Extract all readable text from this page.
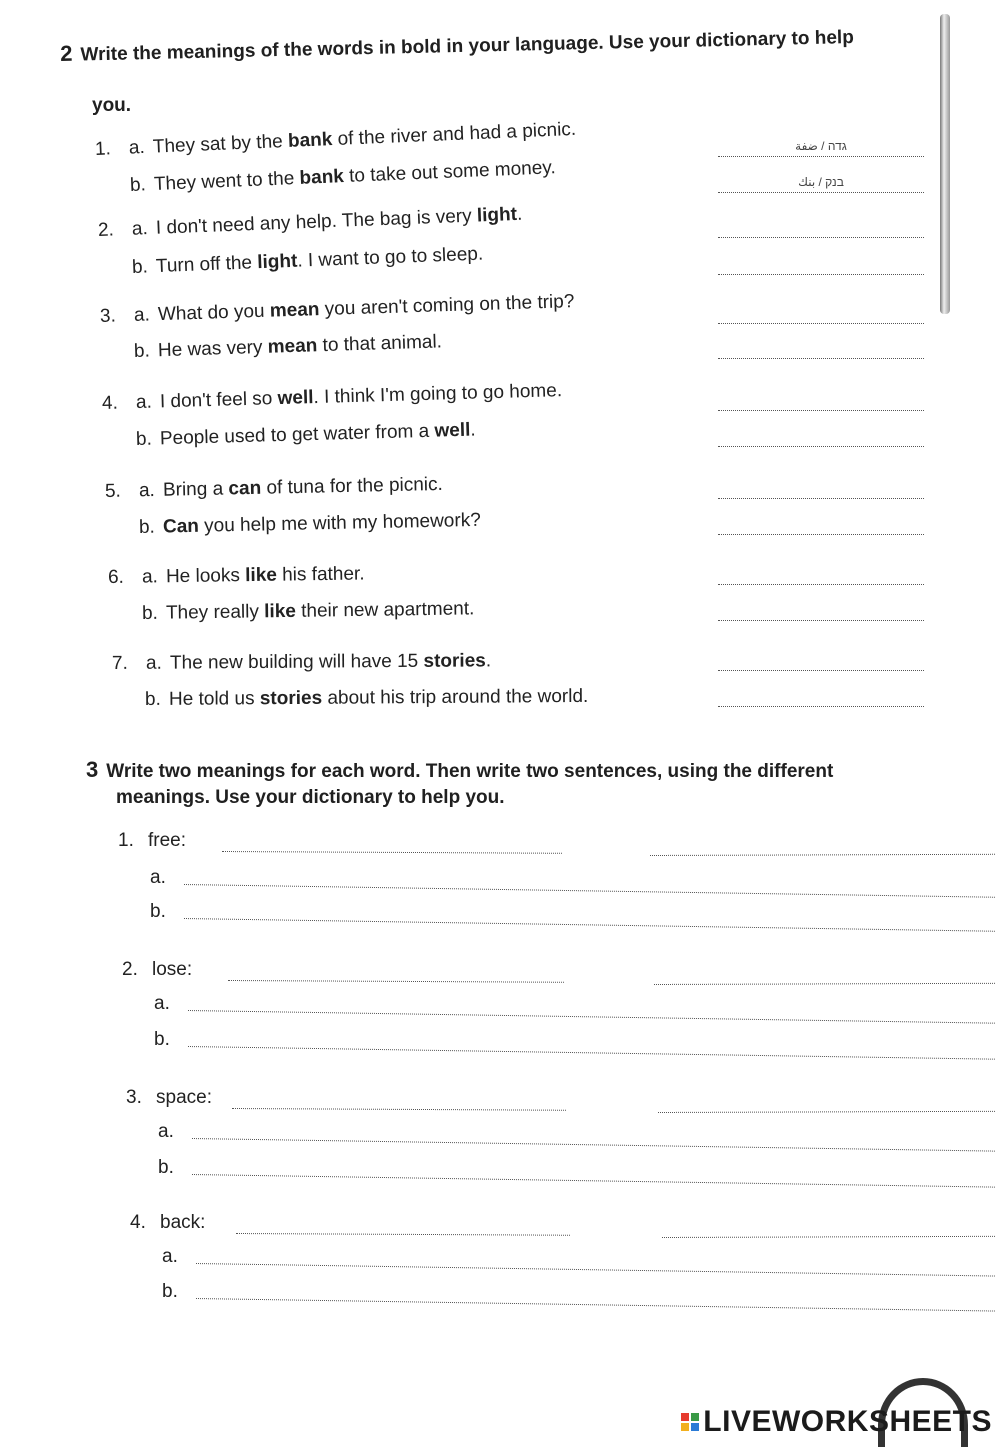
2 Write the meanings of the words in bold in your language. Use your dictionary to help
you.
1. a. They sat by the bank of the river and had a picnic.	גדה / ضفة
b. They went to the bank to take out some money.	בנק / بنك
2. a. I don't need any help. The bag is very light.
b. Turn off the light. I want to go to sleep.
3. a. What do you mean you aren't coming on the trip?
b. He was very mean to that animal.
4. a. I don't feel so well. I think I'm going to go home.
b. People used to get water from a well.
5. a. Bring a can of tuna for the picnic.
b. Can you help me with my homework?
6. a. He looks like his father.
b. They really like their new apartment.
7. a. The new building will have 15 stories.
b. He told us stories about his trip around the world.
3 Write two meanings for each word. Then write two sentences, using the different
meanings. Use your dictionary to help you.
1. free:
a.
b.
2. lose:
a.
b.
3. space:
a.
b.
4. back:
a.
b.
LIVEWORKSHEETS
